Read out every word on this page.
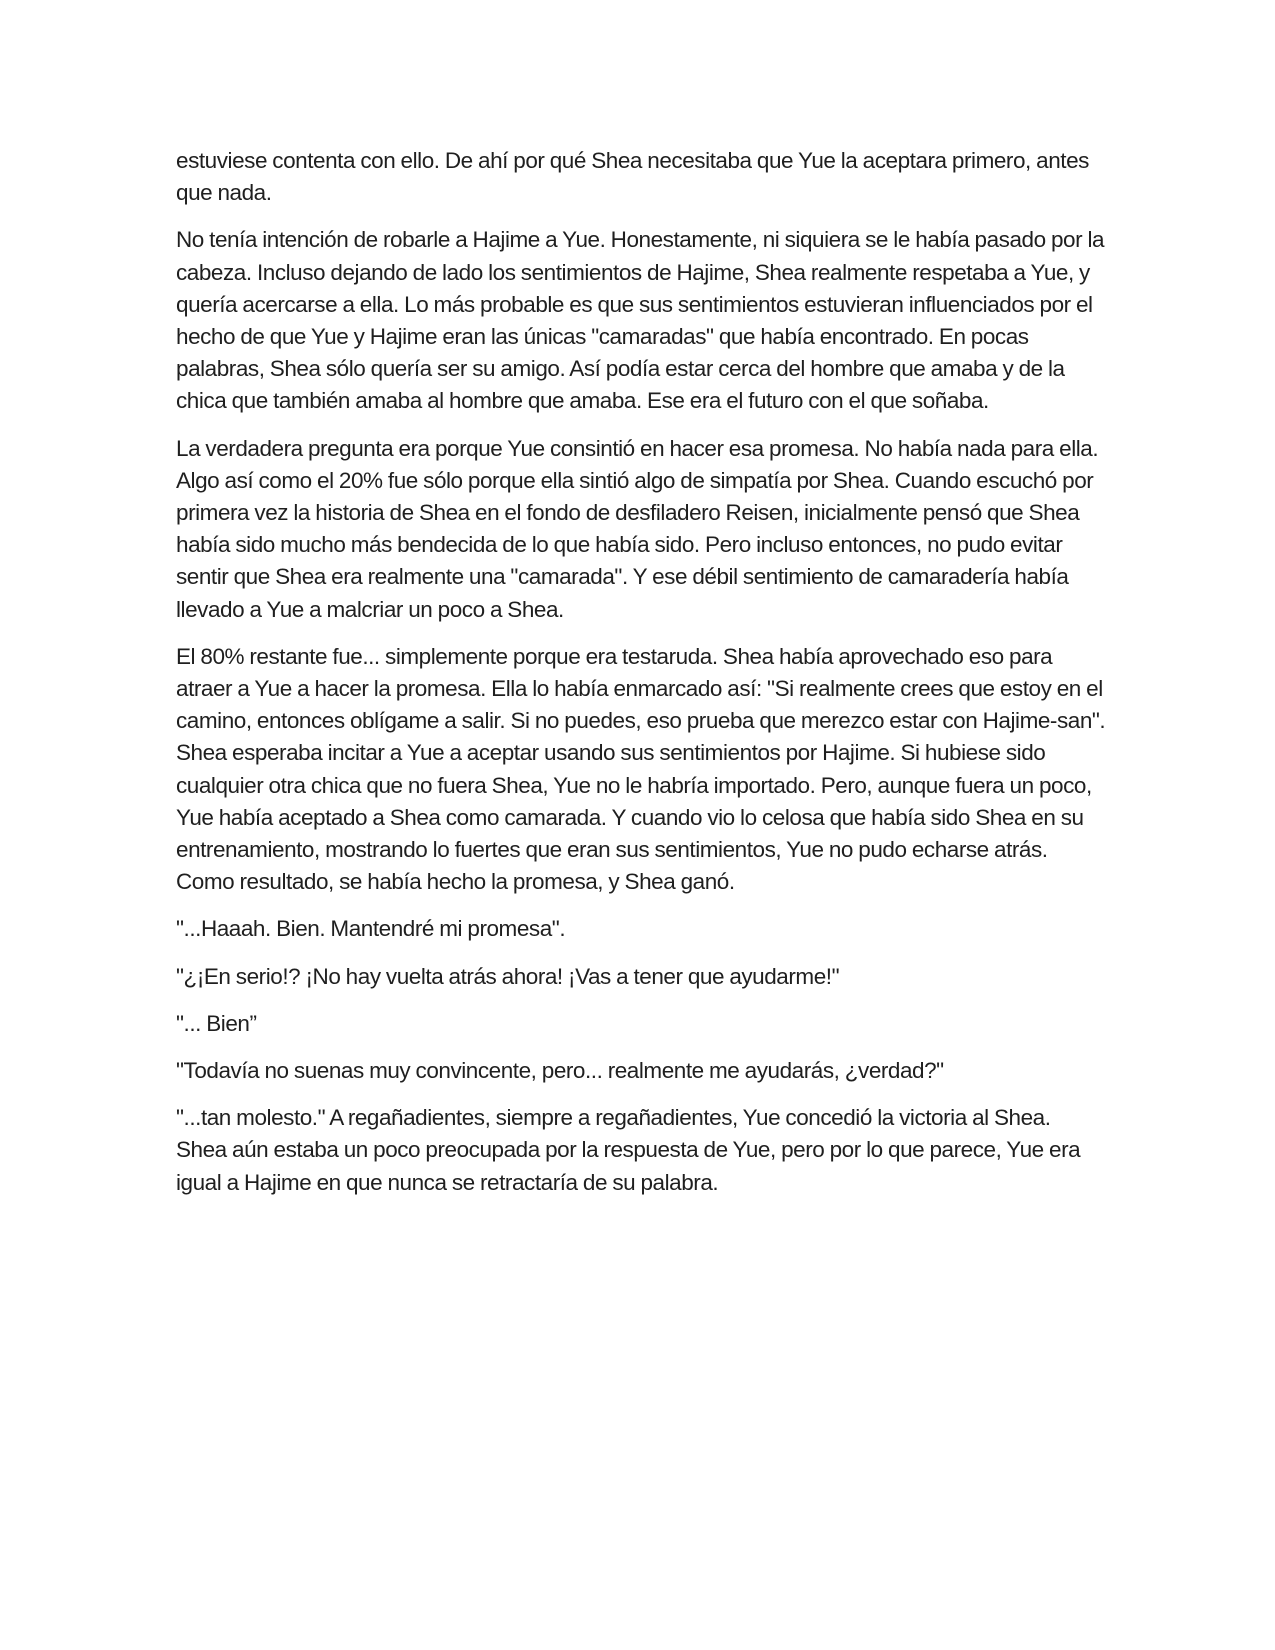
estuviese contenta con ello. De ahí por qué Shea necesitaba que Yue la aceptara primero, antes que nada.

No tenía intención de robarle a Hajime a Yue. Honestamente, ni siquiera se le había pasado por la cabeza. Incluso dejando de lado los sentimientos de Hajime, Shea realmente respetaba a Yue, y quería acercarse a ella. Lo más probable es que sus sentimientos estuvieran influenciados por el hecho de que Yue y Hajime eran las únicas "camaradas" que había encontrado. En pocas palabras, Shea sólo quería ser su amigo. Así podía estar cerca del hombre que amaba y de la chica que también amaba al hombre que amaba. Ese era el futuro con el que soñaba.

La verdadera pregunta era porque Yue consintió en hacer esa promesa. No había nada para ella. Algo así como el 20% fue sólo porque ella sintió algo de simpatía por Shea. Cuando escuchó por primera vez la historia de Shea en el fondo de desfiladero Reisen, inicialmente pensó que Shea había sido mucho más bendecida de lo que había sido. Pero incluso entonces, no pudo evitar sentir que Shea era realmente una "camarada". Y ese débil sentimiento de camaradería había llevado a Yue a malcriar un poco a Shea.

El 80% restante fue... simplemente porque era testaruda. Shea había aprovechado eso para atraer a Yue a hacer la promesa. Ella lo había enmarcado así: "Si realmente crees que estoy en el camino, entonces oblígame a salir. Si no puedes, eso prueba que merezco estar con Hajime-san". Shea esperaba incitar a Yue a aceptar usando sus sentimientos por Hajime. Si hubiese sido cualquier otra chica que no fuera Shea, Yue no le habría importado. Pero, aunque fuera un poco, Yue había aceptado a Shea como camarada. Y cuando vio lo celosa que había sido Shea en su entrenamiento, mostrando lo fuertes que eran sus sentimientos, Yue no pudo echarse atrás. Como resultado, se había hecho la promesa, y Shea ganó.

"...Haaah. Bien. Mantendré mi promesa".

"¿¡En serio!? ¡No hay vuelta atrás ahora! ¡Vas a tener que ayudarme!"

"... Bien”

"Todavía no suenas muy convincente, pero... realmente me ayudarás, ¿verdad?"

"...tan molesto." A regañadientes, siempre a regañadientes, Yue concedió la victoria al Shea. Shea aún estaba un poco preocupada por la respuesta de Yue, pero por lo que parece, Yue era igual a Hajime en que nunca se retractaría de su palabra.
